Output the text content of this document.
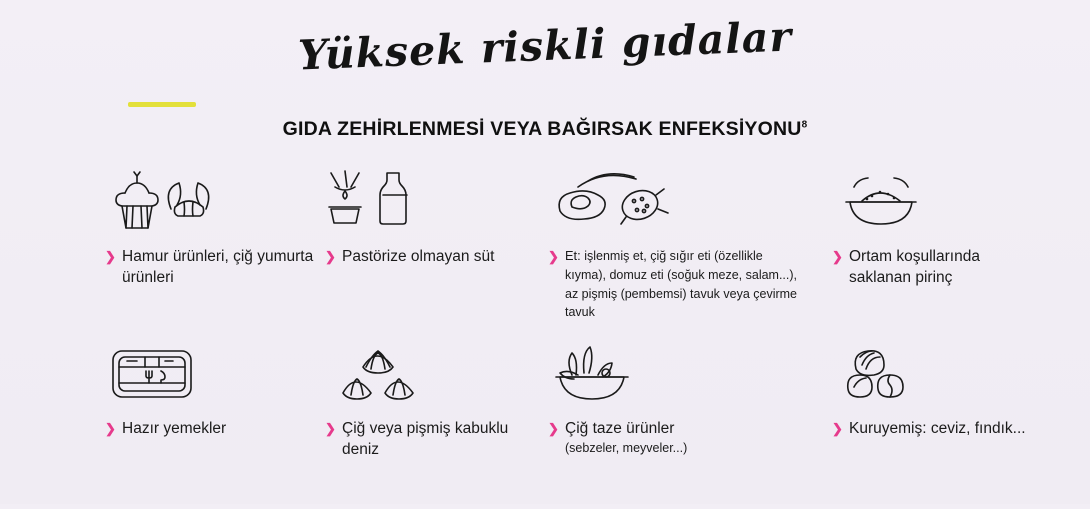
Yüksek riskli gıdalar
GIDA ZEHİRLENMESİ VEYA BAĞIRSAK ENFEKSİYONU$^8$
❯ Hamur ürünleri, çiğ yumurta ürünleri
❯ Pastörize olmayan süt	❯ Et: işlenmiş et, çiğ sığır eti (özellikle kıyma), domuz eti (soğuk meze, salam...), az pişmiş (pembemsi) tavuk veya çevirme tavuk
❯ Ortam koşullarında saklanan pirinç
❯ Hazır yemekler	❯ Çiğ veya pişmiş kabuklu deniz
❯ Çiğ taze ürünler
(sebzeler, meyveler...)
❯ Kuruyemiş: ceviz, fındık...
